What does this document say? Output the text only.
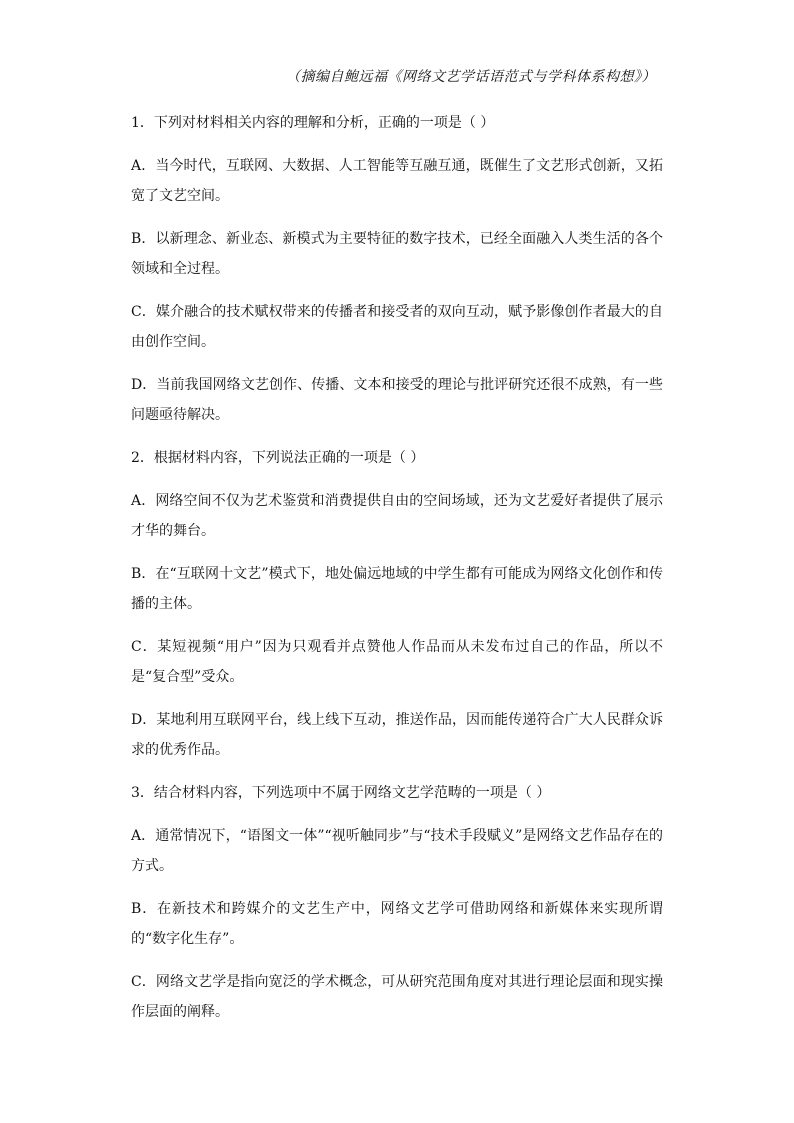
（摘编自鲍远福《网络文艺学话语范式与学科体系构想》）

1．下列对材料相关内容的理解和分析，正确的一项是（ ）

A．当今时代，互联网、大数据、人工智能等互融互通，既催生了文艺形式创新，又拓宽了文艺空间。

B．以新理念、新业态、新模式为主要特征的数字技术，已经全面融入人类生活的各个领域和全过程。

C．媒介融合的技术赋权带来的传播者和接受者的双向互动，赋予影像创作者最大的自由创作空间。

D．当前我国网络文艺创作、传播、文本和接受的理论与批评研究还很不成熟，有一些问题亟待解决。

2．根据材料内容，下列说法正确的一项是（ ）

A．网络空间不仅为艺术鉴赏和消费提供自由的空间场域，还为文艺爱好者提供了展示才华的舞台。

B．在“互联网十文艺”模式下，地处偏远地域的中学生都有可能成为网络文化创作和传播的主体。

C．某短视频“用户”因为只观看并点赞他人作品而从未发布过自己的作品，所以不是“复合型”受众。

D．某地利用互联网平台，线上线下互动，推送作品，因而能传递符合广大人民群众诉求的优秀作品。

3．结合材料内容，下列选项中不属于网络文艺学范畴的一项是（ ）

A．通常情况下，“语图文一体”“视听触同步”与“技术手段赋义”是网络文艺作品存在的方式。

B．在新技术和跨媒介的文艺生产中，网络文艺学可借助网络和新媒体来实现所谓的“数字化生存”。

C．网络文艺学是指向宽泛的学术概念，可从研究范围角度对其进行理论层面和现实操作层面的阐释。
